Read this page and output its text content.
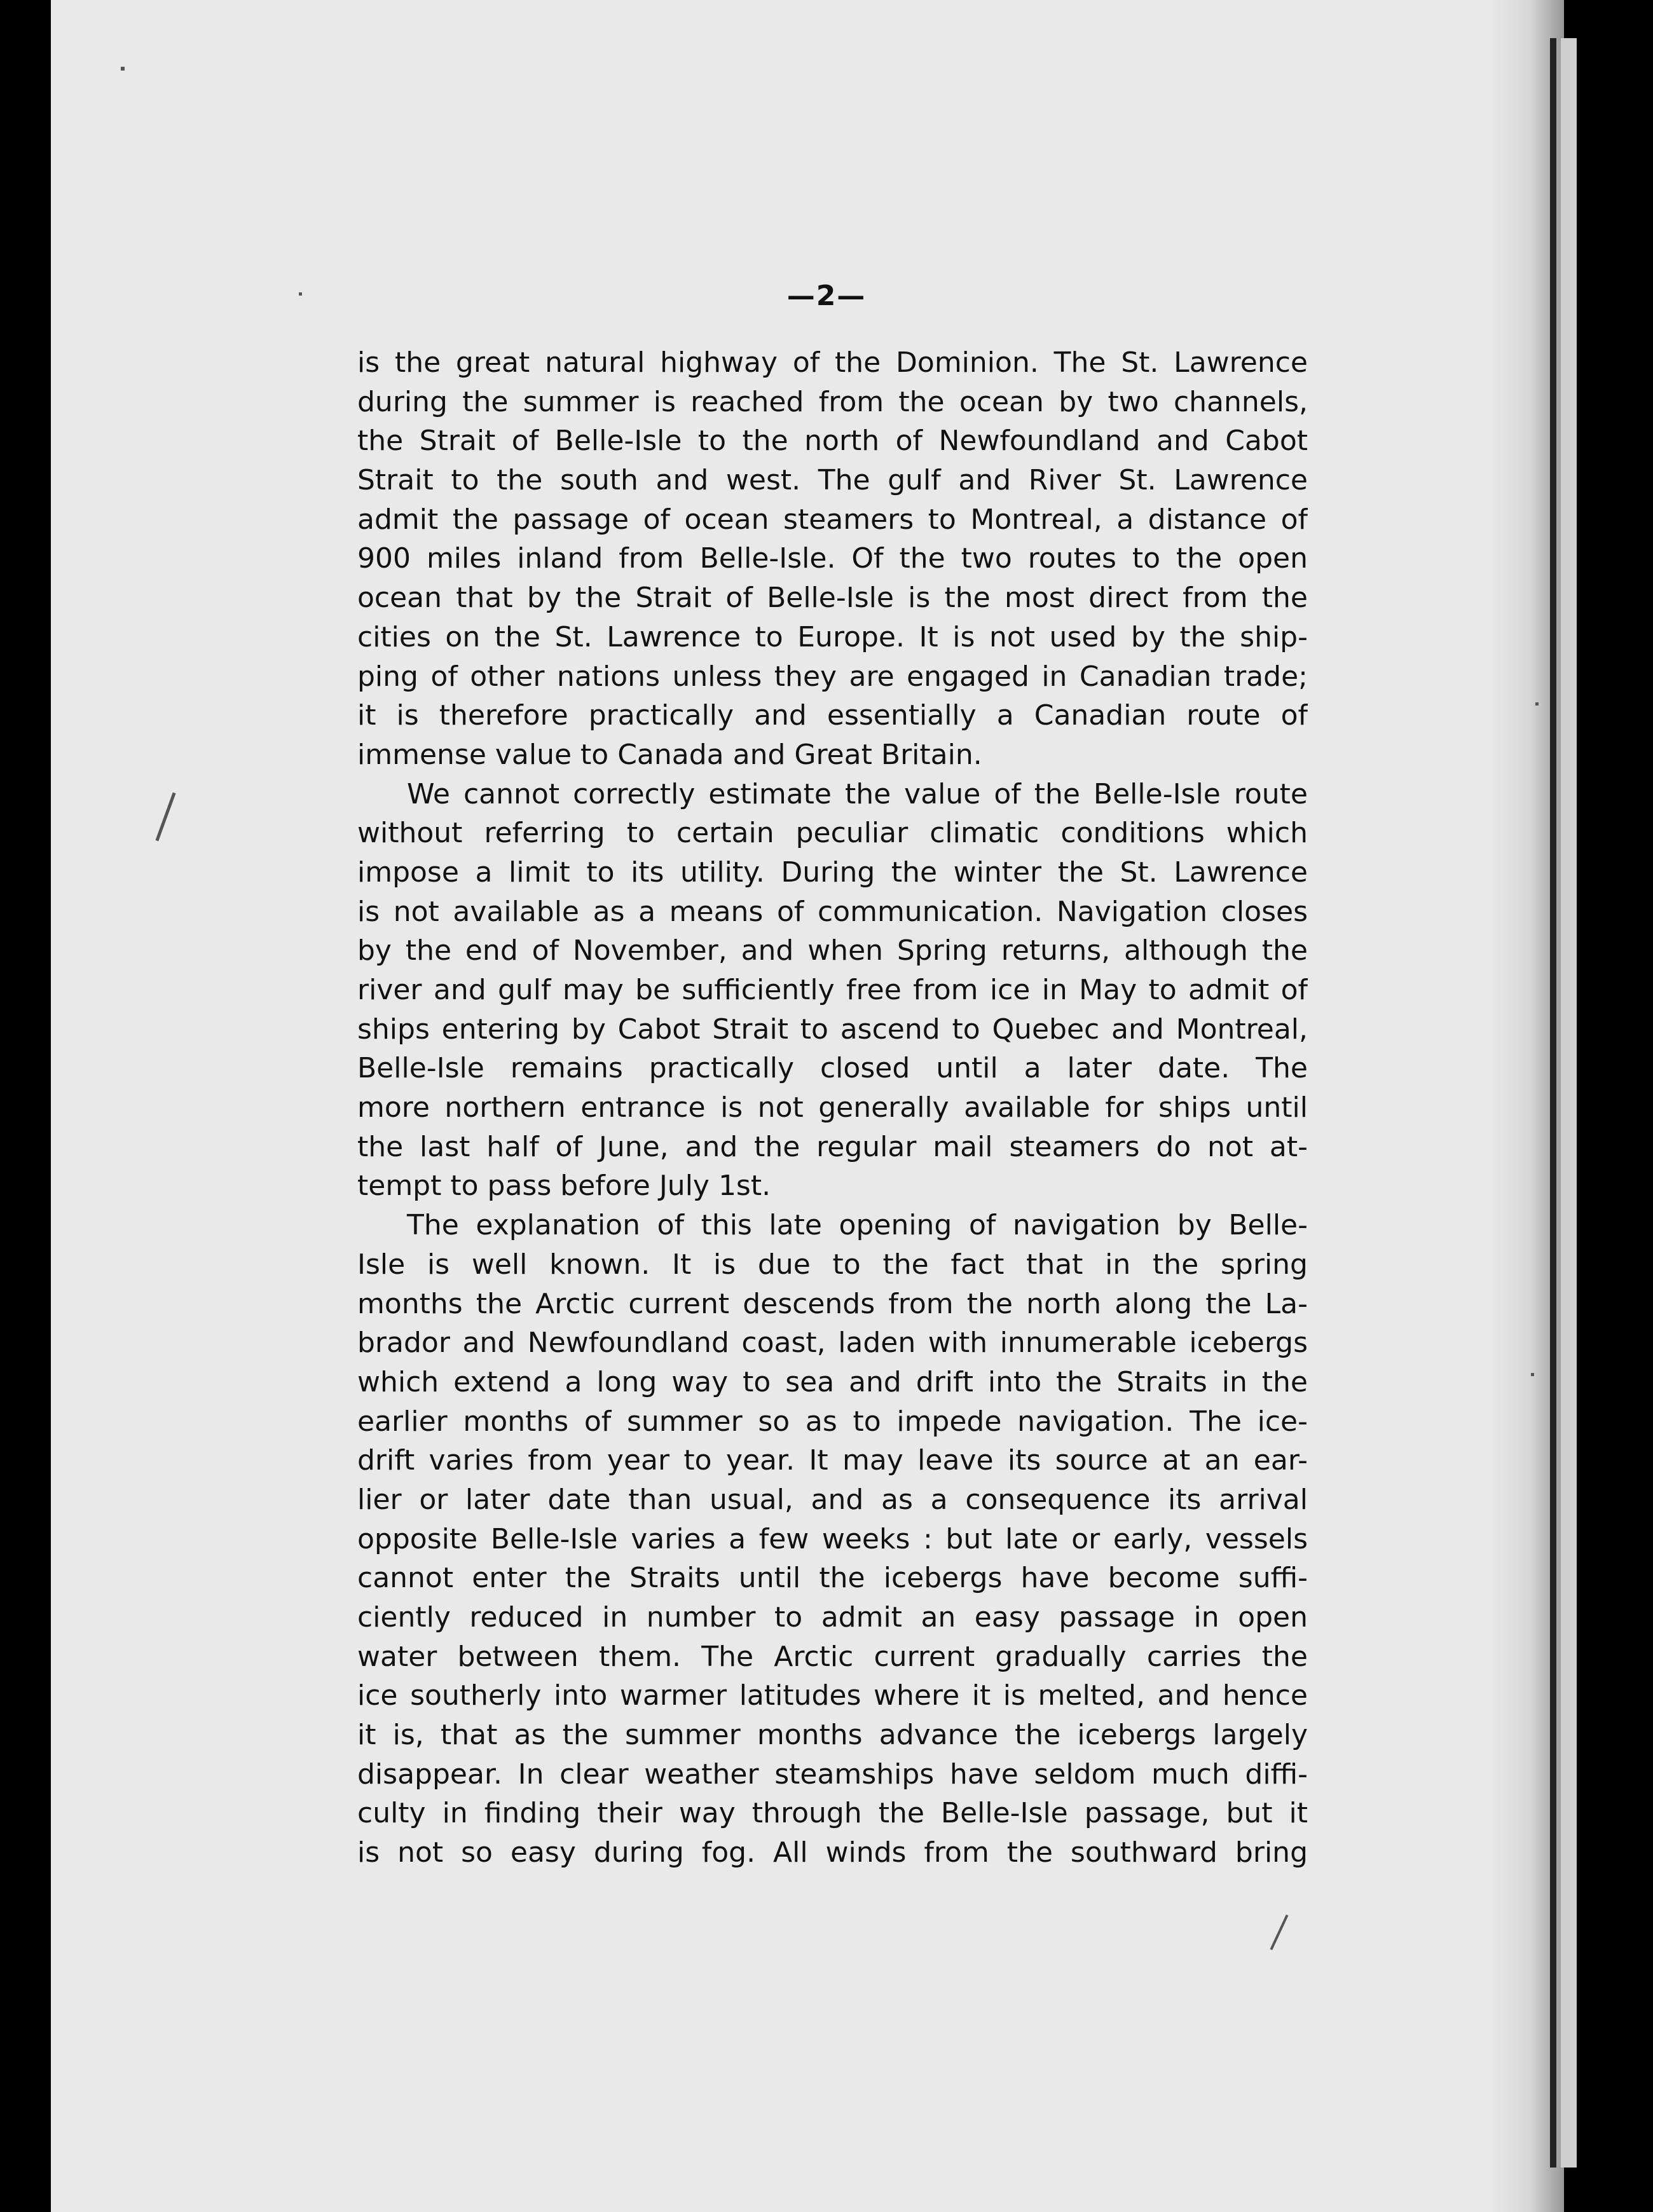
—2—
is the great natural highway of the Dominion. The St. Lawrence
during the summer is reached from the ocean by two channels,
the Strait of Belle-Isle to the north of Newfoundland and Cabot
Strait to the south and west. The gulf and River St. Lawrence
admit the passage of ocean steamers to Montreal, a distance of
900 miles inland from Belle-Isle. Of the two routes to the open
ocean that by the Strait of Belle-Isle is the most direct from the
cities on the St. Lawrence to Europe. It is not used by the ship-
ping of other nations unless they are engaged in Canadian trade;
it is therefore practically and essentially a Canadian route of
immense value to Canada and Great Britain.
We cannot correctly estimate the value of the Belle-Isle route
without referring to certain peculiar climatic conditions which
impose a limit to its utility. During the winter the St. Lawrence
is not available as a means of communication. Navigation closes
by the end of November, and when Spring returns, although the
river and gulf may be sufficiently free from ice in May to admit of
ships entering by Cabot Strait to ascend to Quebec and Montreal,
Belle-Isle remains practically closed until a later date. The
more northern entrance is not generally available for ships until
the last half of June, and the regular mail steamers do not at-
tempt to pass before July 1st.
The explanation of this late opening of navigation by Belle-
Isle is well known. It is due to the fact that in the spring
months the Arctic current descends from the north along the La-
brador and Newfoundland coast, laden with innumerable icebergs
which extend a long way to sea and drift into the Straits in the
earlier months of summer so as to impede navigation. The ice-
drift varies from year to year. It may leave its source at an ear-
lier or later date than usual, and as a consequence its arrival
opposite Belle-Isle varies a few weeks : but late or early, vessels
cannot enter the Straits until the icebergs have become suffi-
ciently reduced in number to admit an easy passage in open
water between them. The Arctic current gradually carries the
ice southerly into warmer latitudes where it is melted, and hence
it is, that as the summer months advance the icebergs largely
disappear. In clear weather steamships have seldom much diffi-
culty in finding their way through the Belle-Isle passage, but it
is not so easy during fog. All winds from the southward bring
